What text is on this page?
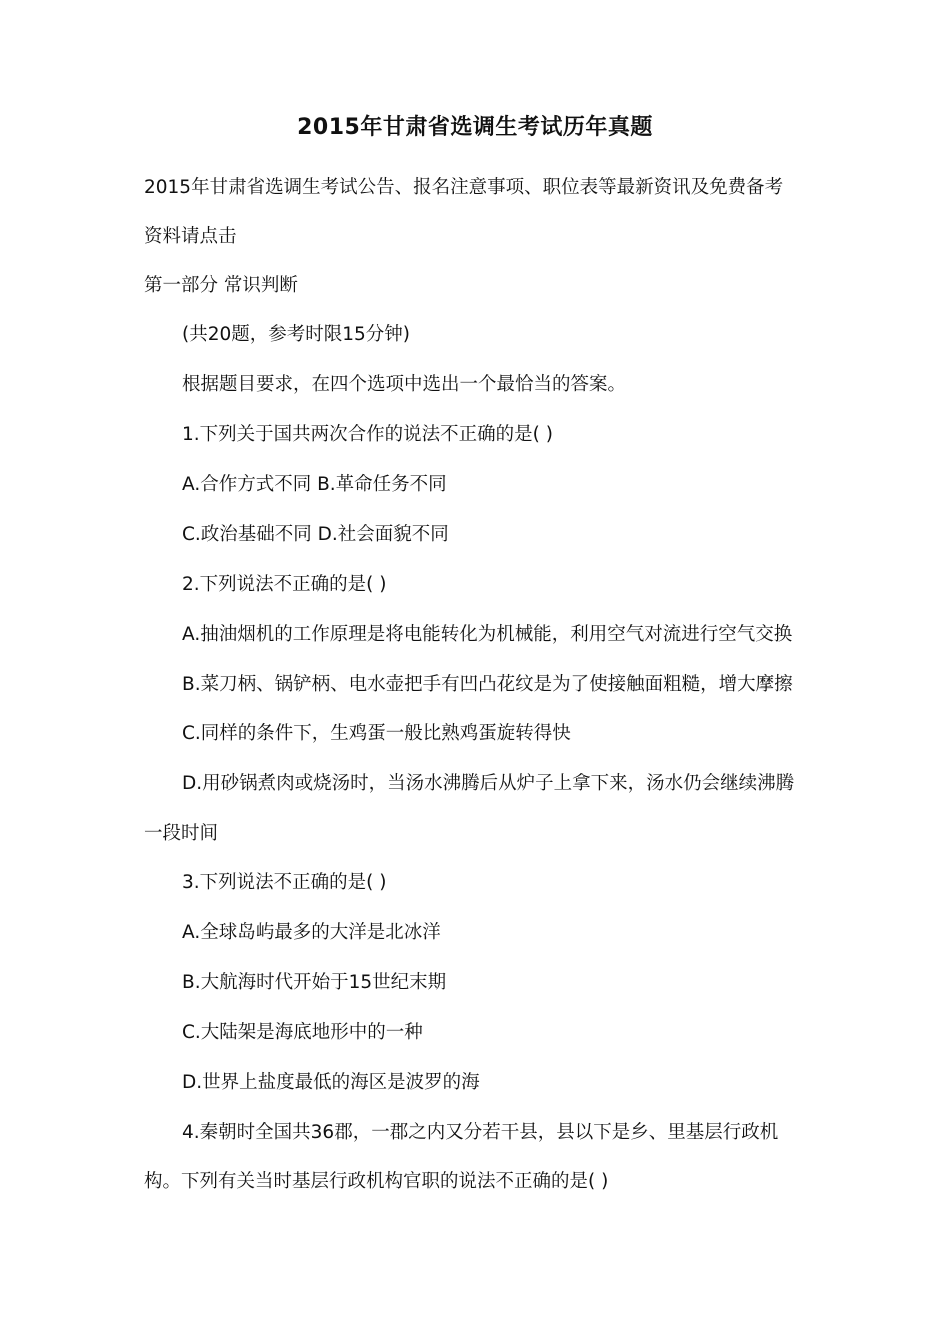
2015年甘肃省选调生考试历年真题
2015年甘肃省选调生考试公告、报名注意事项、职位表等最新资讯及免费备考
资料请点击
第一部分 常识判断
(共20题，参考时限15分钟)
根据题目要求，在四个选项中选出一个最恰当的答案。
1.下列关于国共两次合作的说法不正确的是( )
A.合作方式不同 B.革命任务不同
C.政治基础不同 D.社会面貌不同
2.下列说法不正确的是( )
A.抽油烟机的工作原理是将电能转化为机械能，利用空气对流进行空气交换
B.菜刀柄、锅铲柄、电水壶把手有凹凸花纹是为了使接触面粗糙，增大摩擦
C.同样的条件下，生鸡蛋一般比熟鸡蛋旋转得快
D.用砂锅煮肉或烧汤时，当汤水沸腾后从炉子上拿下来，汤水仍会继续沸腾
一段时间
3.下列说法不正确的是( )
A.全球岛屿最多的大洋是北冰洋
B.大航海时代开始于15世纪末期
C.大陆架是海底地形中的一种
D.世界上盐度最低的海区是波罗的海
4.秦朝时全国共36郡，一郡之内又分若干县，县以下是乡、里基层行政机
构。下列有关当时基层行政机构官职的说法不正确的是( )
